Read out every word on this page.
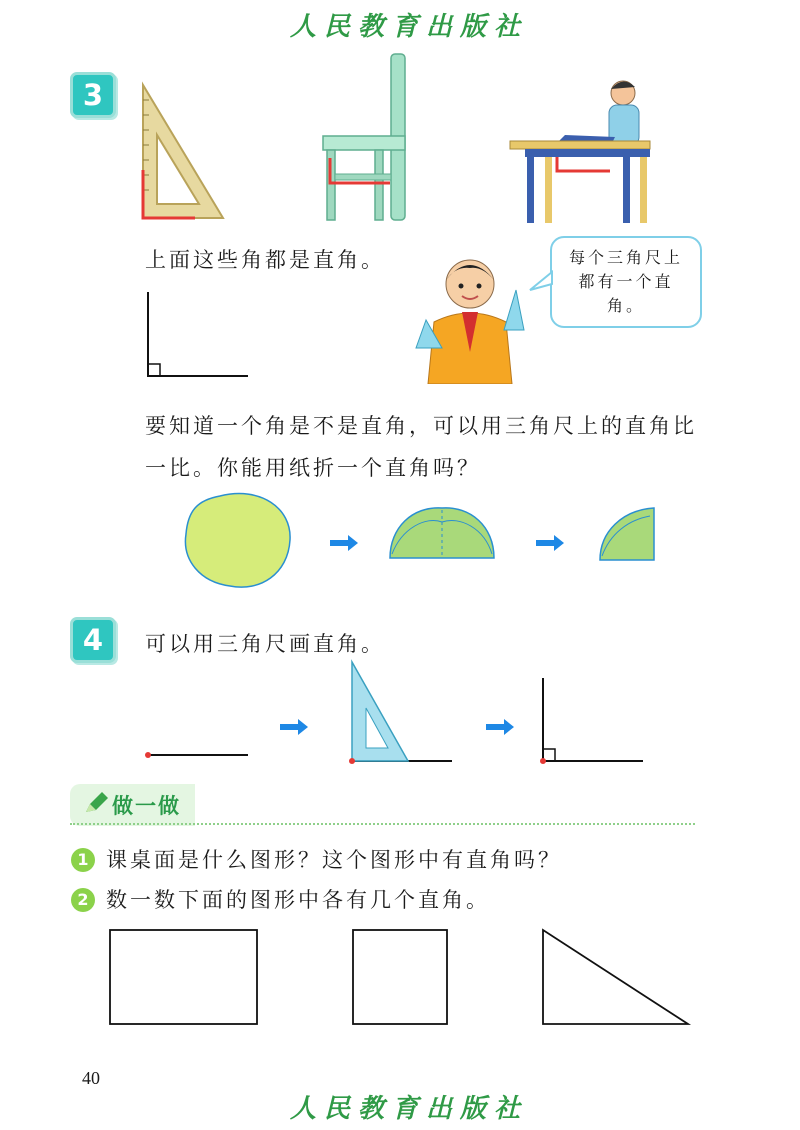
人民教育出版社
3
上面这些角都是直角。	每个三角尺上
都有一个直角。
要知道一个角是不是直角，可以用三角尺上的直角比
一比。你能用纸折一个直角吗？
4	可以用三角尺画直角。
做一做
1 课桌面是什么图形？这个图形中有直角吗？
2 数一数下面的图形中各有几个直角。
40
人民教育出版社
